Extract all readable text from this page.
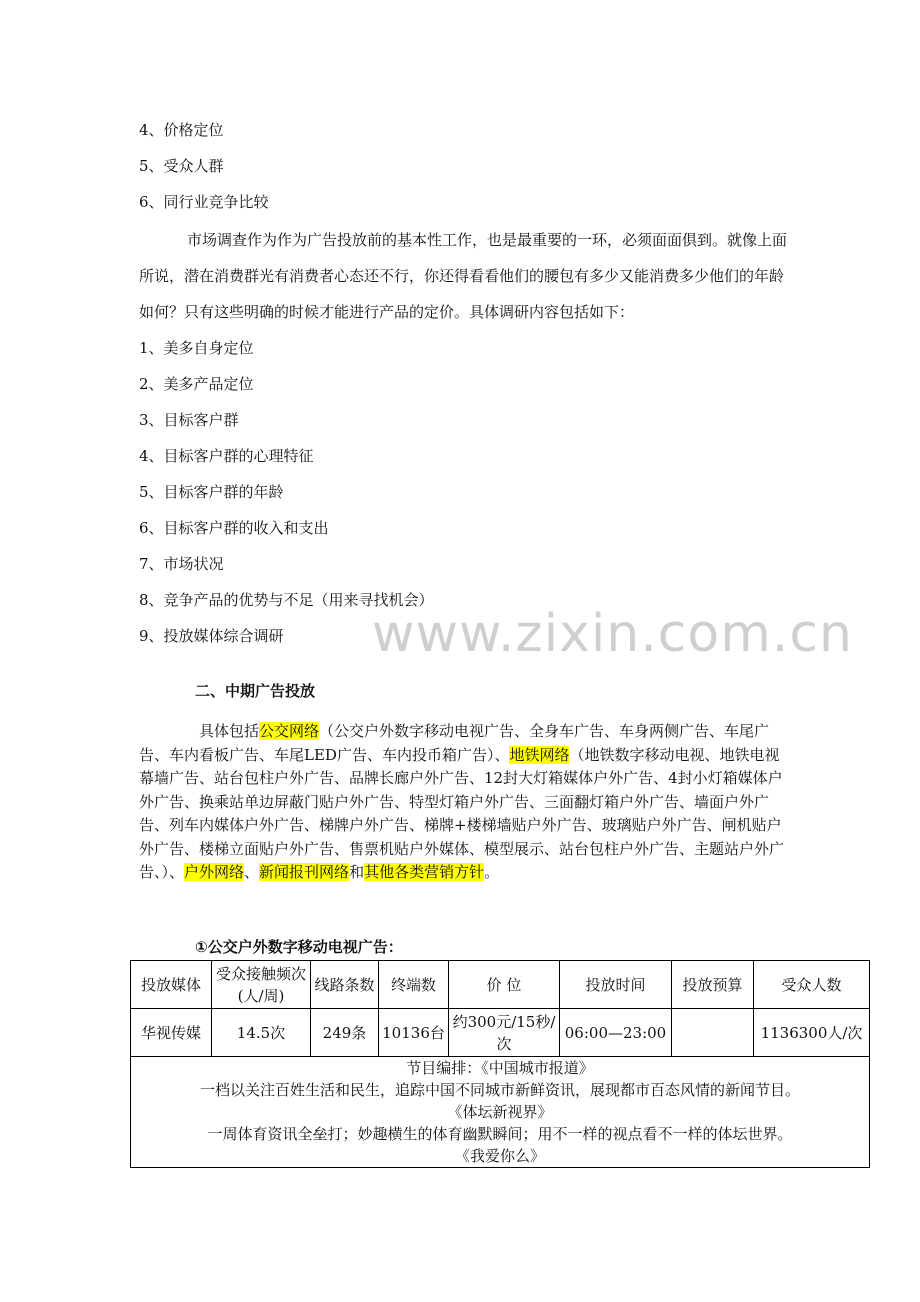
4、价格定位
5、受众人群
6、同行业竞争比较
市场调查作为作为广告投放前的基本性工作，也是最重要的一环，必须面面俱到。就像上面所说，潜在消费群光有消费者心态还不行，你还得看看他们的腰包有多少又能消费多少他们的年龄如何？只有这些明确的时候才能进行产品的定价。具体调研内容包括如下：
1、美多自身定位
2、美多产品定位
3、目标客户群
4、目标客户群的心理特征
5、目标客户群的年龄
6、目标客户群的收入和支出
7、市场状况
8、竞争产品的优势与不足（用来寻找机会）
9、投放媒体综合调研 www.zixin.com.cn
二、中期广告投放
具体包括公交网络（公交户外数字移动电视广告、全身车广告、车身两侧广告、车尾广告、车内看板广告、车尾LED广告、车内投币箱广告）、地铁网络（地铁数字移动电视、地铁电视幕墙广告、站台包柱户外广告、品牌长廊户外广告、12封大灯箱媒体户外广告、4封小灯箱媒体户外广告、换乘站单边屏蔽门贴户外广告、特型灯箱户外广告、三面翻灯箱户外广告、墙面户外广告、列车内媒体户外广告、梯牌户外广告、梯牌+楼梯墙贴户外广告、玻璃贴户外广告、闸机贴户外广告、楼梯立面贴户外广告、售票机贴户外媒体、模型展示、站台包柱户外广告、主题站户外广告、）、户外网络、新闻报刊网络和其他各类营销方针。
①公交户外数字移动电视广告：
投放媒体	受众接触频次(人/周)	线路条数	终端数	价 位	投放时间	投放预算	受众人数
华视传媒	14.5次	249条	10136台	约300元/15秒/次	06:00—23:00		1136300人/次

节目编排：《中国城市报道》
一档以关注百姓生活和民生，追踪中国不同城市新鲜资讯，展现都市百态风情的新闻节目。
《体坛新视界》
一周体育资讯全垒打；妙趣横生的体育幽默瞬间；用不一样的视点看不一样的体坛世界。
《我爱你么》							
